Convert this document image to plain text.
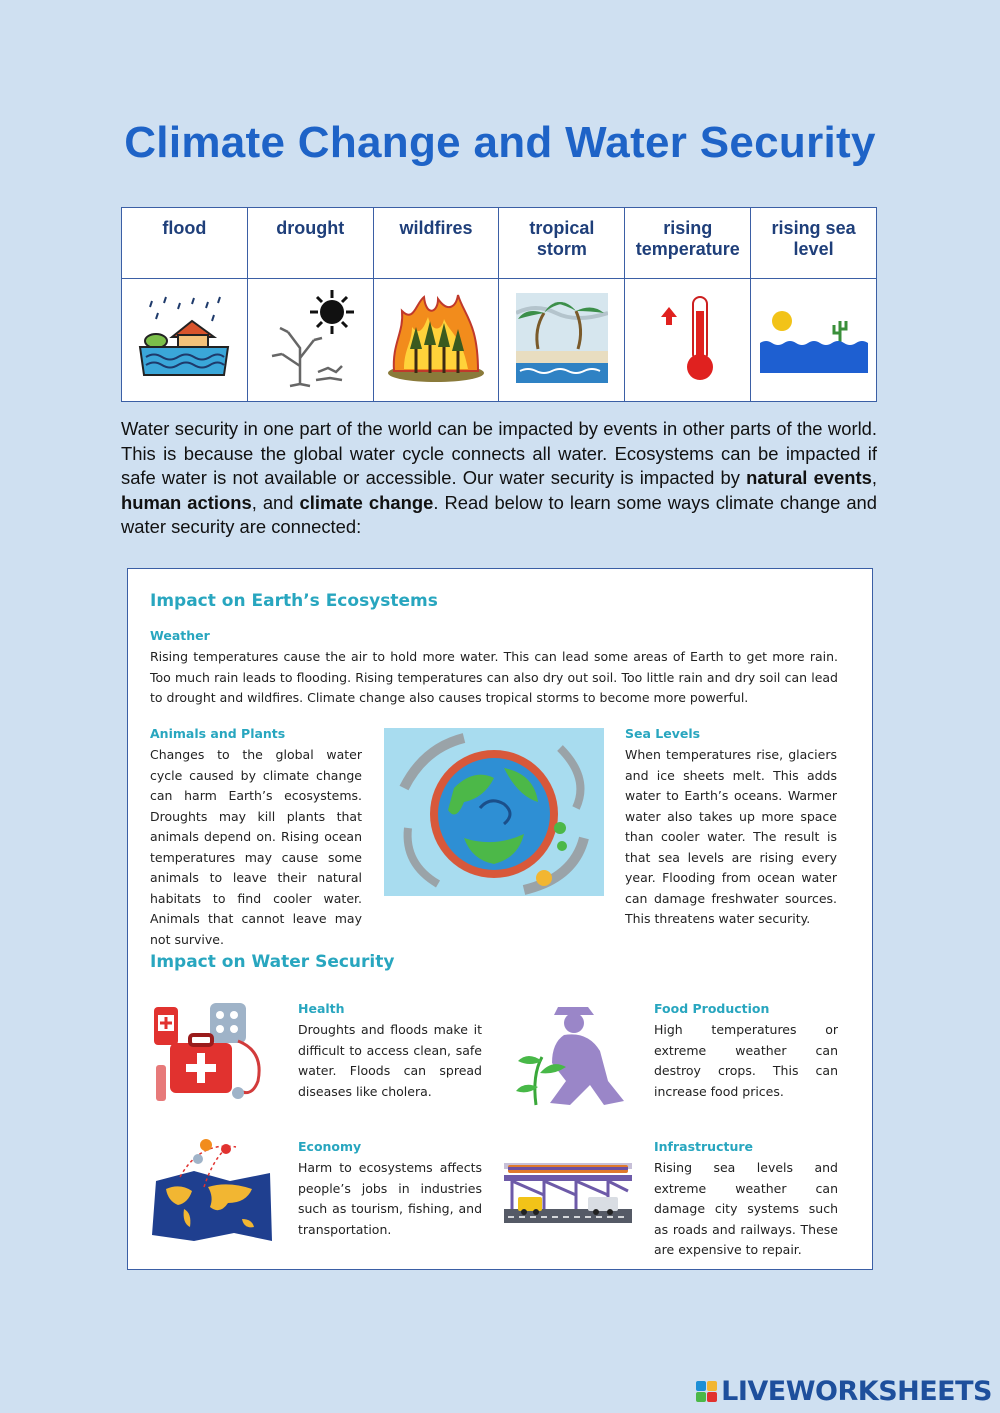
Climate Change and Water Security
flood	drought	wildfires	tropical storm	rising temperature	rising sea level

Water security in one part of the world can be impacted by events in other parts of the world. This is because the global water cycle connects all water. Ecosystems can be impacted if safe water is not available or accessible. Our water security is impacted by natural events, human actions, and climate change. Read below to learn some ways climate change and water security are connected:
Impact on Earth’s Ecosystems
Weather
Rising temperatures cause the air to hold more water. This can lead some areas of Earth to get more rain. Too much rain leads to flooding. Rising temperatures can also dry out soil. Too little rain and dry soil can lead to drought and wildfires. Climate change also causes tropical storms to become more powerful.
Animals and Plants
Changes to the global water cycle caused by climate change can harm Earth’s ecosystems. Droughts may kill plants that animals depend on. Rising ocean temperatures may cause some animals to leave their natural habitats to find cooler water. Animals that cannot leave may not survive.
Sea Levels
When temperatures rise, glaciers and ice sheets melt. This adds water to Earth’s oceans. Warmer water also takes up more space than cooler water. The result is that sea levels are rising every year. Flooding from ocean water can damage freshwater sources. This threatens water security.
Impact on Water Security
Health
Droughts and floods make it difficult to access clean, safe water. Floods can spread diseases like cholera.
Food Production
High temperatures or extreme weather can destroy crops. This can increase food prices.
Economy
Harm to ecosystems affects people’s jobs in industries such as tourism, fishing, and transportation.
Infrastructure
Rising sea levels and extreme weather can damage city systems such as roads and railways. These are expensive to repair.
LIVEWORKSHEETS
